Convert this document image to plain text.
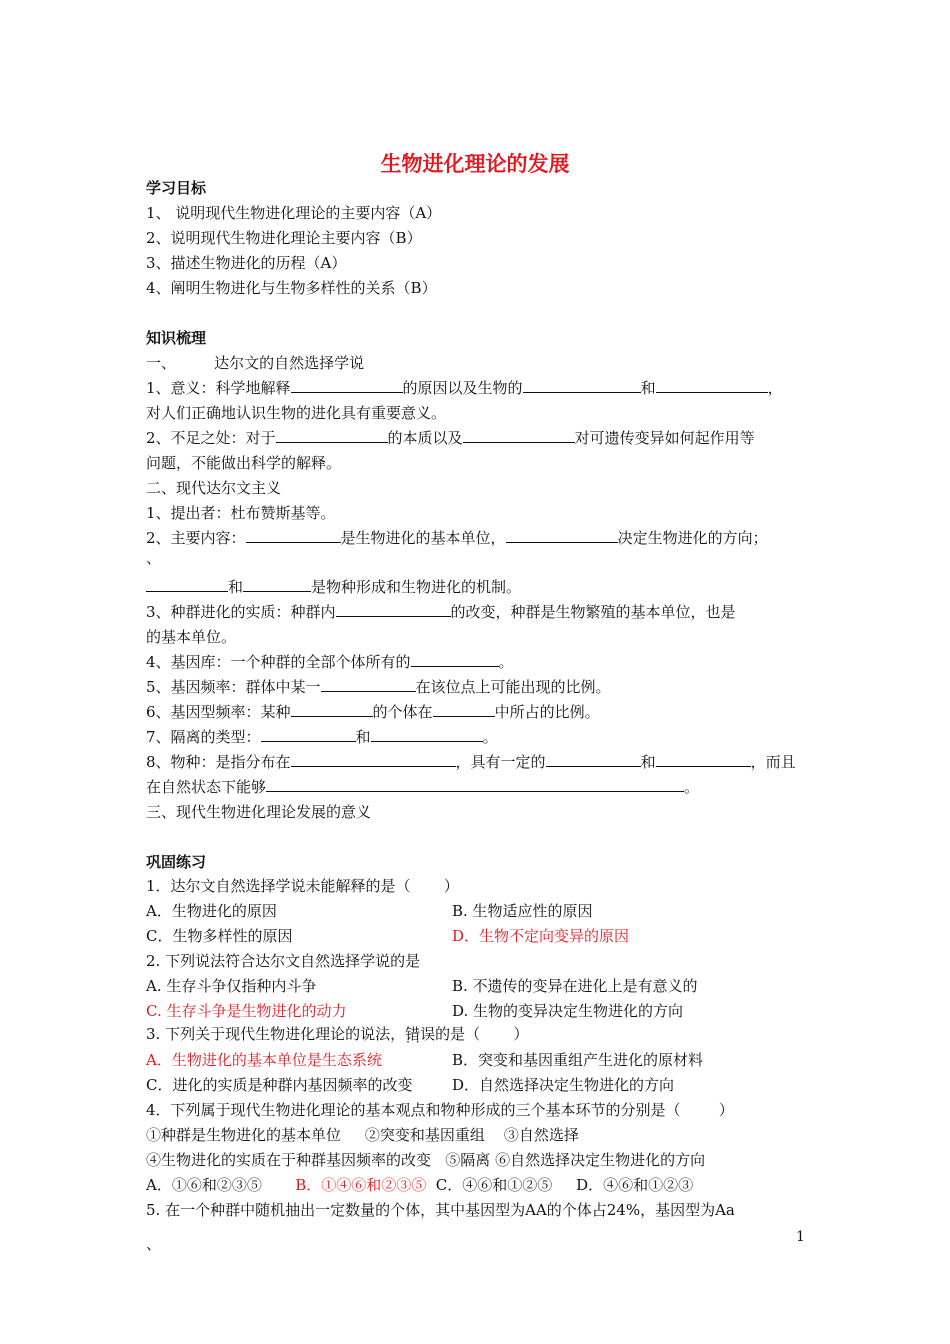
生物进化理论的发展
学习目标
1、 说明现代生物进化理论的主要内容（A）
2、说明现代生物进化理论主要内容（B）
3、描述生物进化的历程（A）
4、阐明生物进化与生物多样性的关系（B）
知识梳理
一、        达尔文的自然选择学说
1、意义：科学地解释	的原因以及生物的	和	，
对人们正确地认识生物的进化具有重要意义。
2、不足之处：对于	的本质以及	对可遗传变异如何起作用等
问题，不能做出科学的解释。
二、现代达尔文主义
1、提出者：杜布赞斯基等。
2、主要内容：	是生物进化的基本单位，	决定生物进化的方向；
、
和	是物种形成和生物进化的机制。
3、种群进化的实质：种群内	的改变，种群是生物繁殖的基本单位，也是
的基本单位。
4、基因库：一个种群的全部个体所有的	。
5、基因频率：群体中某一	在该位点上可能出现的比例。
6、基因型频率：某种	的个体在	中所占的比例。
7、隔离的类型：	和	。
8、物种：是指分布在	，具有一定的	和	，而且
在自然状态下能够	。
三、现代生物进化理论发展的意义
巩固练习
1．达尔文自然选择学说未能解释的是（       ）
A．生物进化的原因	B. 生物适应性的原因
C．生物多样性的原因	D．生物不定向变异的原因
2. 下列说法符合达尔文自然选择学说的是
A. 生存斗争仅指种内斗争	B. 不遗传的变异在进化上是有意义的
C. 生存斗争是生物进化的动力	D. 生物的变异决定生物进化的方向
3. 下列关于现代生物进化理论的说法，错误 · ·的是（       ）
A．生物进化的基本单位是生态系统	B．突变和基因重组产生进化的原材料
C．进化的实质是种群内基因频率的改变	D．自然选择决定生物进化的方向
4．下列属于现代生物进化理论的基本观点和物种形成的三个基本环节的分别是（        ）
①种群是生物进化的基本单位     ②突变和基因重组    ③自然选择
④生物进化的实质在于种群基因频率的改变   ⑤隔离 ⑥自然选择决定生物进化的方向
A．①⑥和②③⑤       B．①④⑥和②③⑤  C．④⑥和①②⑤     D．④⑥和①②③
5. 在一个种群中随机抽出一定数量的个体，其中基因型为AA的个体占24%，基因型为Aa
、	1
